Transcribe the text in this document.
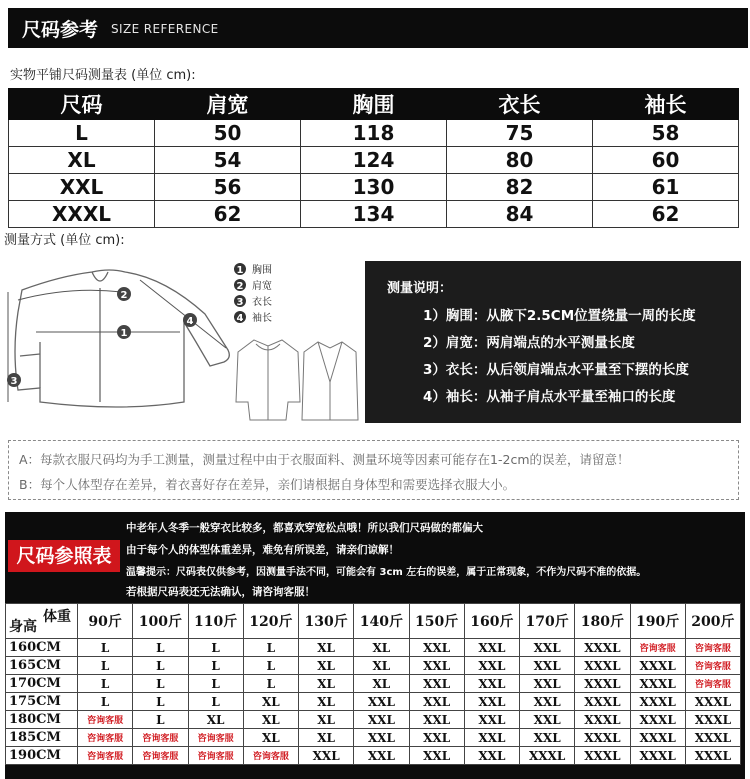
尺码参考 SIZE REFERENCE
实物平铺尺码测量表 (单位 cm):
尺码	肩宽	胸围	衣长	袖长
L	50	118	75	58
XL	54	124	80	60
XXL	56	130	82	61
XXXL	62	134	84	62
测量方式 (单位 cm):
2
1
4
3
1 胸围
2 肩宽
3 衣长
4 袖长
测量说明：
1）胸围：从腋下2.5CM位置绕量一周的长度
2）肩宽：两肩端点的水平测量长度
3）衣长：从后领肩端点水平量至下摆的长度
4）袖长：从袖子肩点水平量至袖口的长度
A：每款衣服尺码均为手工测量，测量过程中由于衣服面料、测量环境等因素可能存在1-2cm的误差，请留意！
B：每个人体型存在差异，着衣喜好存在差异，亲们请根据自身体型和需要选择衣服大小。
尺码参照表
中老年人冬季一般穿衣比较多，都喜欢穿宽松点哦！所以我们尺码做的都偏大
由于每个人的体型体重差异，难免有所误差，请亲们谅解！
温馨提示：尺码表仅供参考，因测量手法不同，可能会有 3cm 左右的误差，属于正常现象，不作为尺码不准的依据。
若根据尺码表还无法确认，请咨询客服！
体重
身高	90斤	100斤	110斤	120斤	130斤	140斤	150斤	160斤	170斤	180斤	190斤	200斤
160CM	L	L	L	L	XL	XL	XXL	XXL	XXL	XXXL	咨询客服	咨询客服
165CM	L	L	L	L	XL	XL	XXL	XXL	XXL	XXXL	XXXL	咨询客服
170CM	L	L	L	L	XL	XL	XXL	XXL	XXL	XXXL	XXXL	咨询客服
175CM	L	L	L	XL	XL	XXL	XXL	XXL	XXL	XXXL	XXXL	XXXL
180CM	咨询客服	L	XL	XL	XL	XXL	XXL	XXL	XXL	XXXL	XXXL	XXXL
185CM	咨询客服	咨询客服	咨询客服	XL	XL	XXL	XXL	XXL	XXL	XXXL	XXXL	XXXL
190CM	咨询客服	咨询客服	咨询客服	咨询客服	XXL	XXL	XXL	XXL	XXXL	XXXL	XXXL	XXXL
